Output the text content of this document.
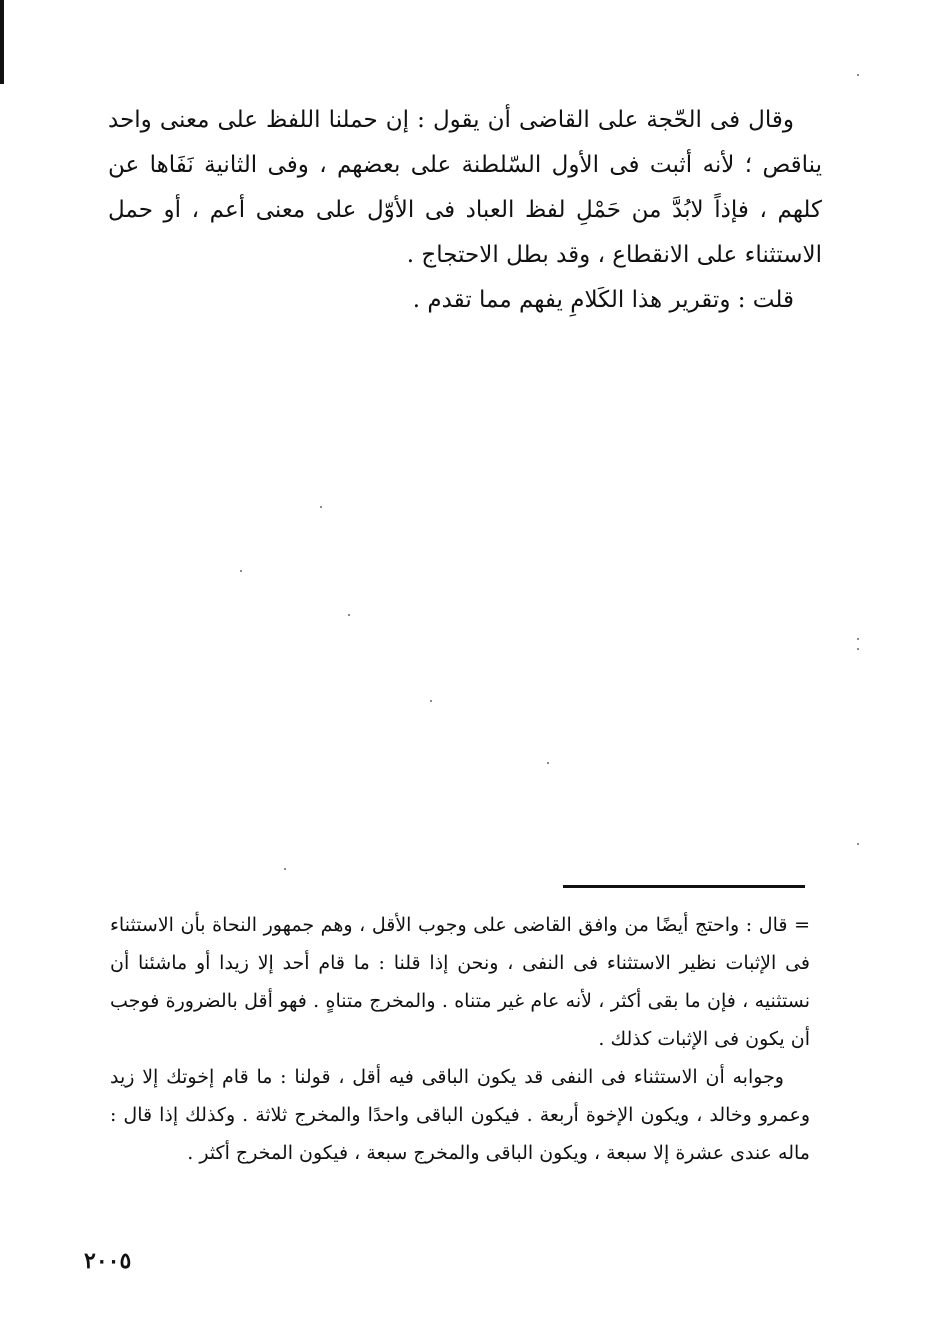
وقال فى الحّجة على القاضى أن يقول : إن حملنا اللفظ على معنى واحد يناقص ؛ لأنه أثبت فى الأول السّلطنة على بعضهم ، وفى الثانية نَفَاها عن كلهم ، فإذاً لابُدَّ من حَمْلِ لفظ العباد فى الأوّل على معنى أعم ، أو حمل الاستثناء على الانقطاع ، وقد بطل الاحتجاج .

قلت : وتقرير هذا الكَلامِ يفهم مما تقدم .

= قال : واحتج أيضًا من وافق القاضى على وجوب الأقل ، وهم جمهور النحاة بأن الاستثناء فى الإثبات نظير الاستثناء فى النفى ، ونحن إذا قلنا : ما قام أحد إلا زيدا أو ماشئنا أن نستثنيه ، فإن ما بقى أكثر ، لأنه عام غير متناه . والمخرج متناهٍ . فهو أقل بالضرورة فوجب أن يكون فى الإثبات كذلك .

وجوابه أن الاستثناء فى النفى قد يكون الباقى فيه أقل ، قولنا : ما قام إخوتك إلا زيد وعمرو وخالد ، ويكون الإخوة أربعة . فيكون الباقى واحدًا والمخرج ثلاثة . وكذلك إذا قال : ماله عندى عشرة إلا سبعة ، ويكون الباقى والمخرج سبعة ، فيكون المخرج أكثر .

٢٠٠٥
